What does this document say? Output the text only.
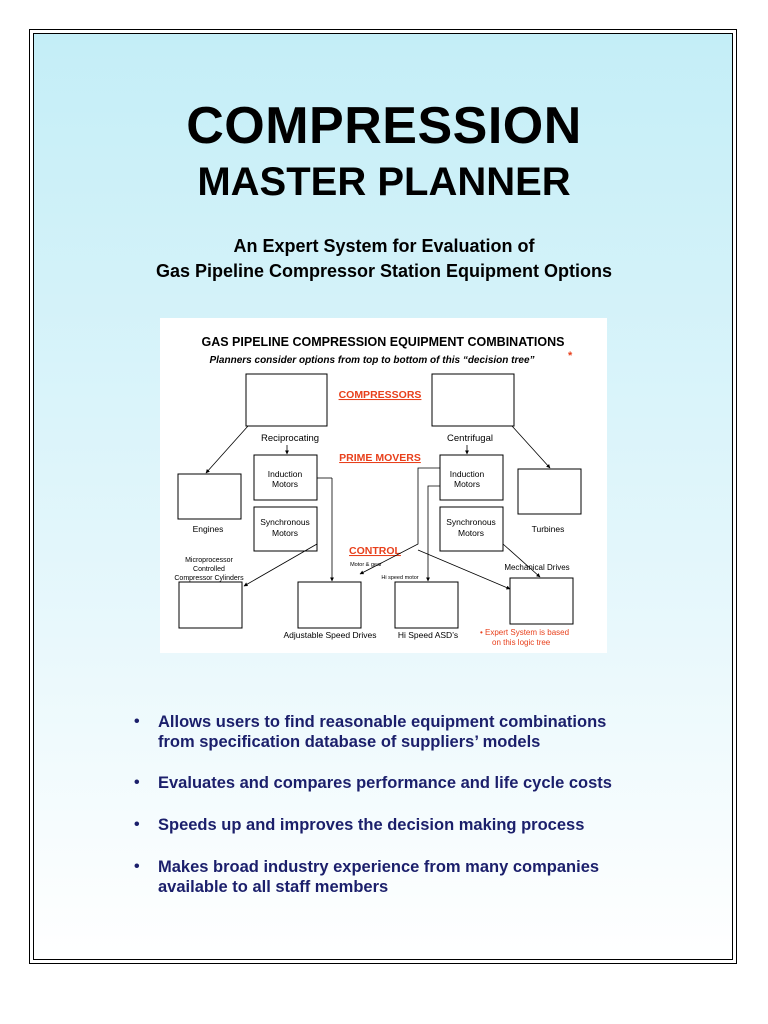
COMPRESSION
MASTER PLANNER
An Expert System for Evaluation of
Gas Pipeline Compressor Station Equipment Options
GAS PIPELINE COMPRESSION EQUIPMENT COMBINATIONS
Planners consider options from top to bottom of this “decision tree”	*
COMPRESSORS
PRIME MOVERS
CONTROL
Reciprocating	Centrifugal
Induction
Motors
Synchronous
Motors
Induction
Motors
Synchronous
Motors
Engines	Turbines
Microprocessor
Controlled
Compressor Cylinders
Motor & gear
Hi speed motor
Mechanical Drives
Adjustable Speed Drives	Hi Speed ASD’s	• Expert System is based
on this logic tree
• Allows users to find reasonable equipment combinations
from specification database of suppliers’ models
• Evaluates and compares performance and life cycle costs
• Speeds up and improves the decision making process
• Makes broad industry experience from many companies
available to all staff members
